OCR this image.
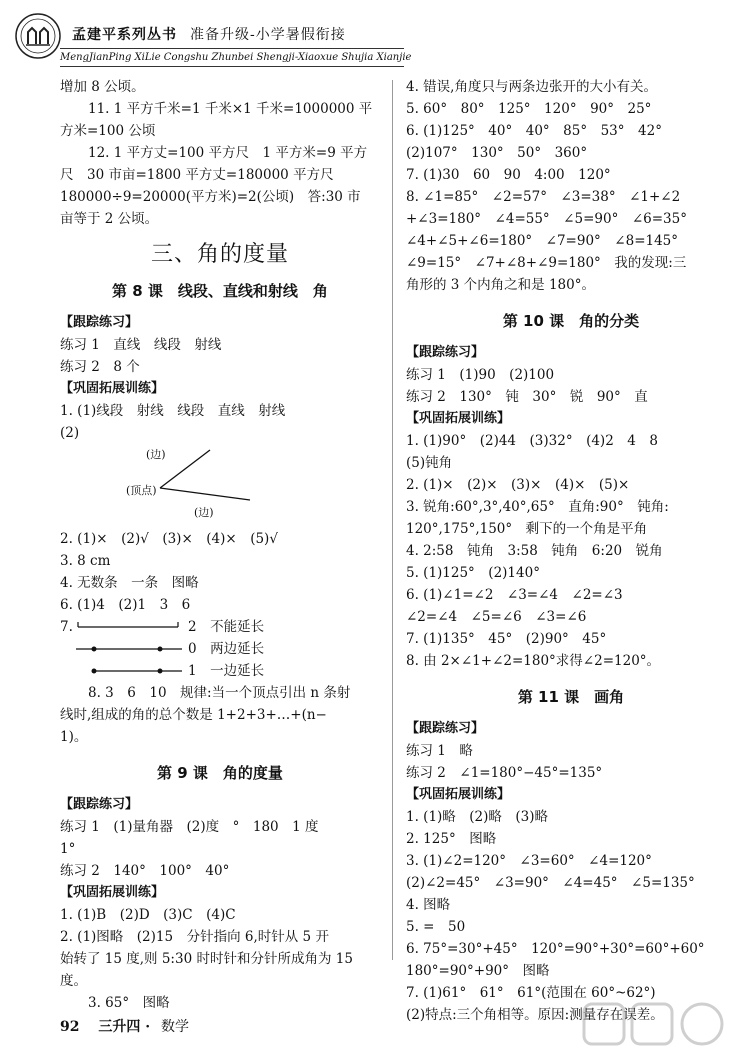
孟建平系列丛书 准备升级-小学暑假衔接
MengJianPing XiLie Congshu Zhunbei Shengji-Xiaoxue Shujia Xianjie
增加 8 公顷。
11. 1 平方千米=1 千米×1 千米=1000000 平
方米=100 公顷
12. 1 平方丈=100 平方尺　1 平方米=9 平方
尺　30 市亩=1800 平方丈=180000 平方尺
180000÷9=20000(平方米)=2(公顷)　答:30 市
亩等于 2 公顷。
三、角的度量
第 8 课　线段、直线和射线　角
【跟踪练习】
练习 1　直线　线段　射线
练习 2　8 个
【巩固拓展训练】
1. (1)线段　射线　线段　直线　射线
(2)
(边)
(顶点)
(边)
2. (1)×　(2)√　(3)×　(4)×　(5)√
3. 8 cm
4. 无数条　一条　图略
6. (1)4　(2)1　3　6
7.	2　不能延长
0　两边延长
1　一边延长
8. 3　6　10　规律:当一个顶点引出 n 条射
线时,组成的角的总个数是 1+2+3+…+(n−
1)。
第 9 课　角的度量
【跟踪练习】
练习 1　(1)量角器　(2)度　°　180　1 度
1°
练习 2　140°　100°　40°
【巩固拓展训练】
1. (1)B　(2)D　(3)C　(4)C
2. (1)图略　(2)15　分针指向 6,时针从 5 开
始转了 15 度,则 5:30 时时针和分针所成角为 15
度。
3. 65°　图略
4. 错误,角度只与两条边张开的大小有关。
5. 60°　80°　125°　120°　90°　25°
6. (1)125°　40°　40°　85°　53°　42°
(2)107°　130°　50°　360°
7. (1)30　60　90　4:00　120°
8. ∠1=85°　∠2=57°　∠3=38°　∠1+∠2
+∠3=180°　∠4=55°　∠5=90°　∠6=35°
∠4+∠5+∠6=180°　∠7=90°　∠8=145°
∠9=15°　∠7+∠8+∠9=180°　我的发现:三
角形的 3 个内角之和是 180°。
第 10 课　角的分类
【跟踪练习】
练习 1　(1)90　(2)100
练习 2　130°　钝　30°　锐　90°　直
【巩固拓展训练】
1. (1)90°　(2)44　(3)32°　(4)2　4　8
(5)钝角
2. (1)×　(2)×　(3)×　(4)×　(5)×
3. 锐角:60°,3°,40°,65°　直角:90°　钝角:
120°,175°,150°　剩下的一个角是平角
4. 2:58　钝角　3:58　钝角　6:20　锐角
5. (1)125°　(2)140°
6. (1)∠1=∠2　∠3=∠4　∠2=∠3
∠2=∠4　∠5=∠6　∠3=∠6
7. (1)135°　45°　(2)90°　45°
8. 由 2×∠1+∠2=180°求得∠2=120°。
第 11 课　画角
【跟踪练习】
练习 1　略
练习 2　∠1=180°−45°=135°
【巩固拓展训练】
1. (1)略　(2)略　(3)略
2. 125°　图略
3. (1)∠2=120°　∠3=60°　∠4=120°
(2)∠2=45°　∠3=90°　∠4=45°　∠5=135°
4. 图略
5. =　50
6. 75°=30°+45°　120°=90°+30°=60°+60°
180°=90°+90°　图略
7. (1)61°　61°　61°(范围在 60°~62°)
(2)特点:三个角相等。原因:测量存在误差。
92 三升四 · 数学
